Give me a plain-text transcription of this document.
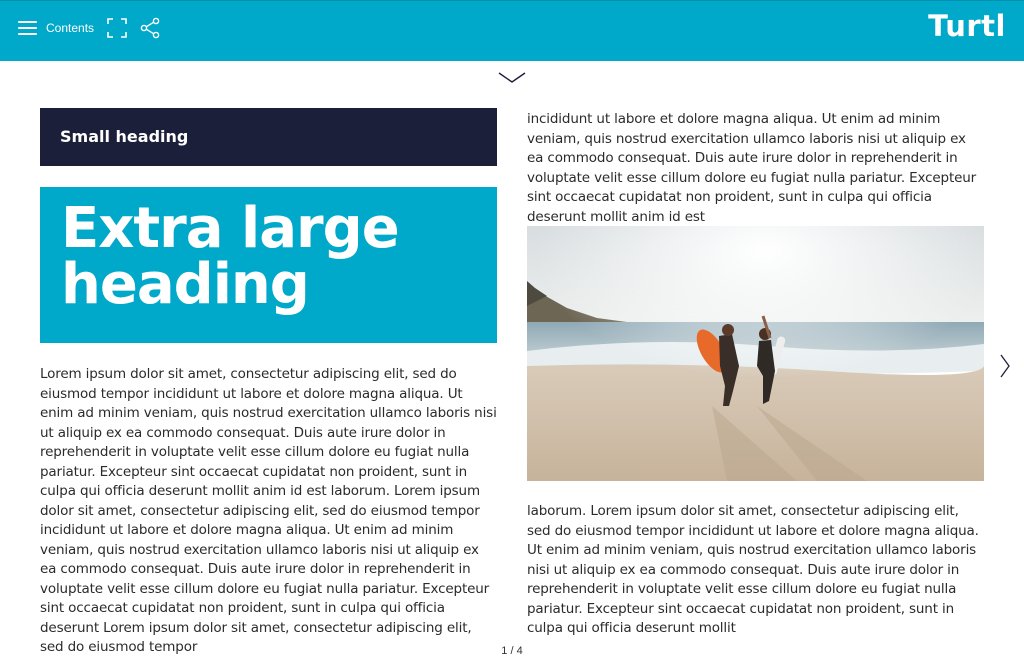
Contents	Turtl
Small heading
Extra large
heading
Lorem ipsum dolor sit amet, consectetur adipiscing elit, sed do eiusmod tempor incididunt ut labore et dolore magna aliqua. Ut enim ad minim veniam, quis nostrud exercitation ullamco laboris nisi ut aliquip ex ea commodo consequat. Duis aute irure dolor in reprehenderit in voluptate velit esse cillum dolore eu fugiat nulla pariatur. Excepteur sint occaecat cupidatat non proident, sunt in culpa qui officia deserunt mollit anim id est laborum. Lorem ipsum dolor sit amet, consectetur adipiscing elit, sed do eiusmod tempor incididunt ut labore et dolore magna aliqua. Ut enim ad minim veniam, quis nostrud exercitation ullamco laboris nisi ut aliquip ex ea commodo consequat. Duis aute irure dolor in reprehenderit in voluptate velit esse cillum dolore eu fugiat nulla pariatur. Excepteur sint occaecat cupidatat non proident, sunt in culpa qui officia deserunt Lorem ipsum dolor sit amet, consectetur adipiscing elit, sed do eiusmod tempor
incididunt ut labore et dolore magna aliqua. Ut enim ad minim veniam, quis nostrud exercitation ullamco laboris nisi ut aliquip ex ea commodo consequat. Duis aute irure dolor in reprehenderit in voluptate velit esse cillum dolore eu fugiat nulla pariatur. Excepteur sint occaecat cupidatat non proident, sunt in culpa qui officia deserunt mollit anim id est
laborum. Lorem ipsum dolor sit amet, consectetur adipiscing elit, sed do eiusmod tempor incididunt ut labore et dolore magna aliqua. Ut enim ad minim veniam, quis nostrud exercitation ullamco laboris nisi ut aliquip ex ea commodo consequat. Duis aute irure dolor in reprehenderit in voluptate velit esse cillum dolore eu fugiat nulla pariatur. Excepteur sint occaecat cupidatat non proident, sunt in culpa qui officia deserunt mollit
1 / 4
